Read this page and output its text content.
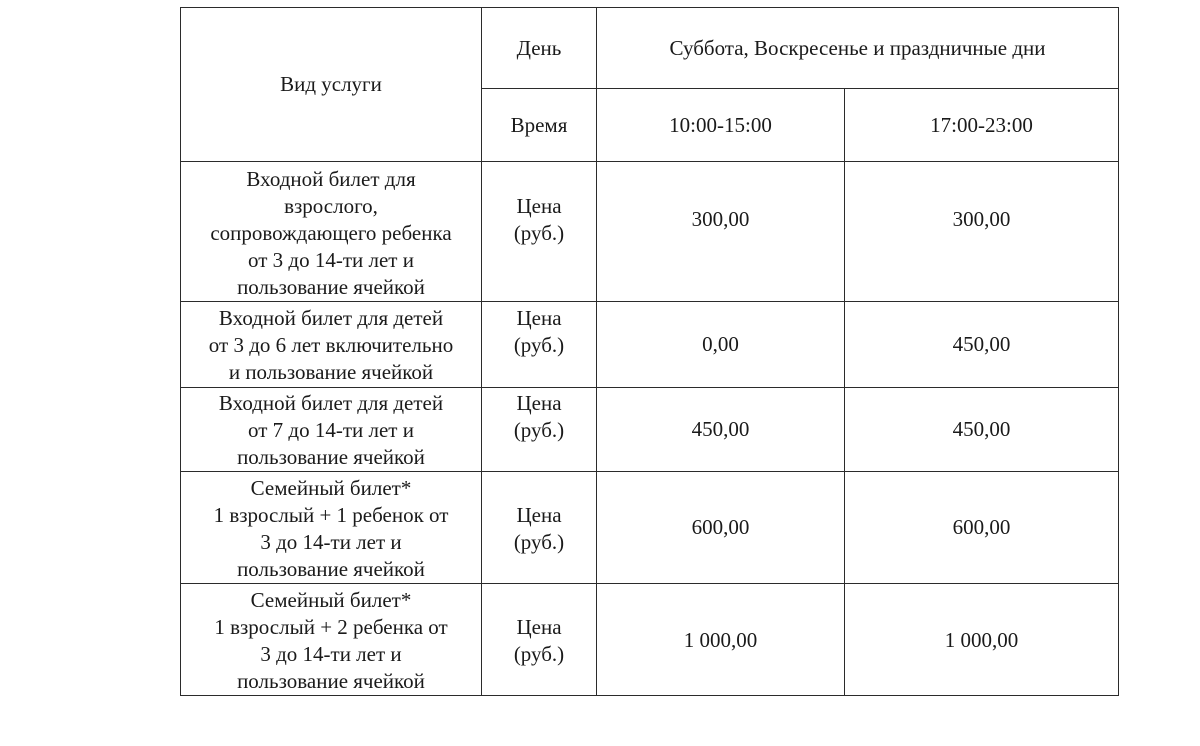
Вид услуги	День	Суббота, Воскресенье и праздничные дни	
	Время	10:00-15:00	17:00-23:00

Входной билет для
взрослого,
сопровождающего ребенка
от 3 до 14-ти лет и
пользование ячейкой	Цена
(руб.)	300,00	300,00

Входной билет для детей
от 3 до 6 лет включительно
и пользование ячейкой	Цена
(руб.)	0,00	450,00

Входной билет для детей
от 7 до 14-ти лет и
пользование ячейкой	Цена
(руб.)	450,00	450,00

Семейный билет*
1 взрослый + 1 ребенок от
3 до 14-ти лет и
пользование ячейкой	Цена
(руб.)	600,00	600,00

Семейный билет*
1 взрослый + 2 ребенка от
3 до 14-ти лет и
пользование ячейкой	Цена
(руб.)	1 000,00	1 000,00
